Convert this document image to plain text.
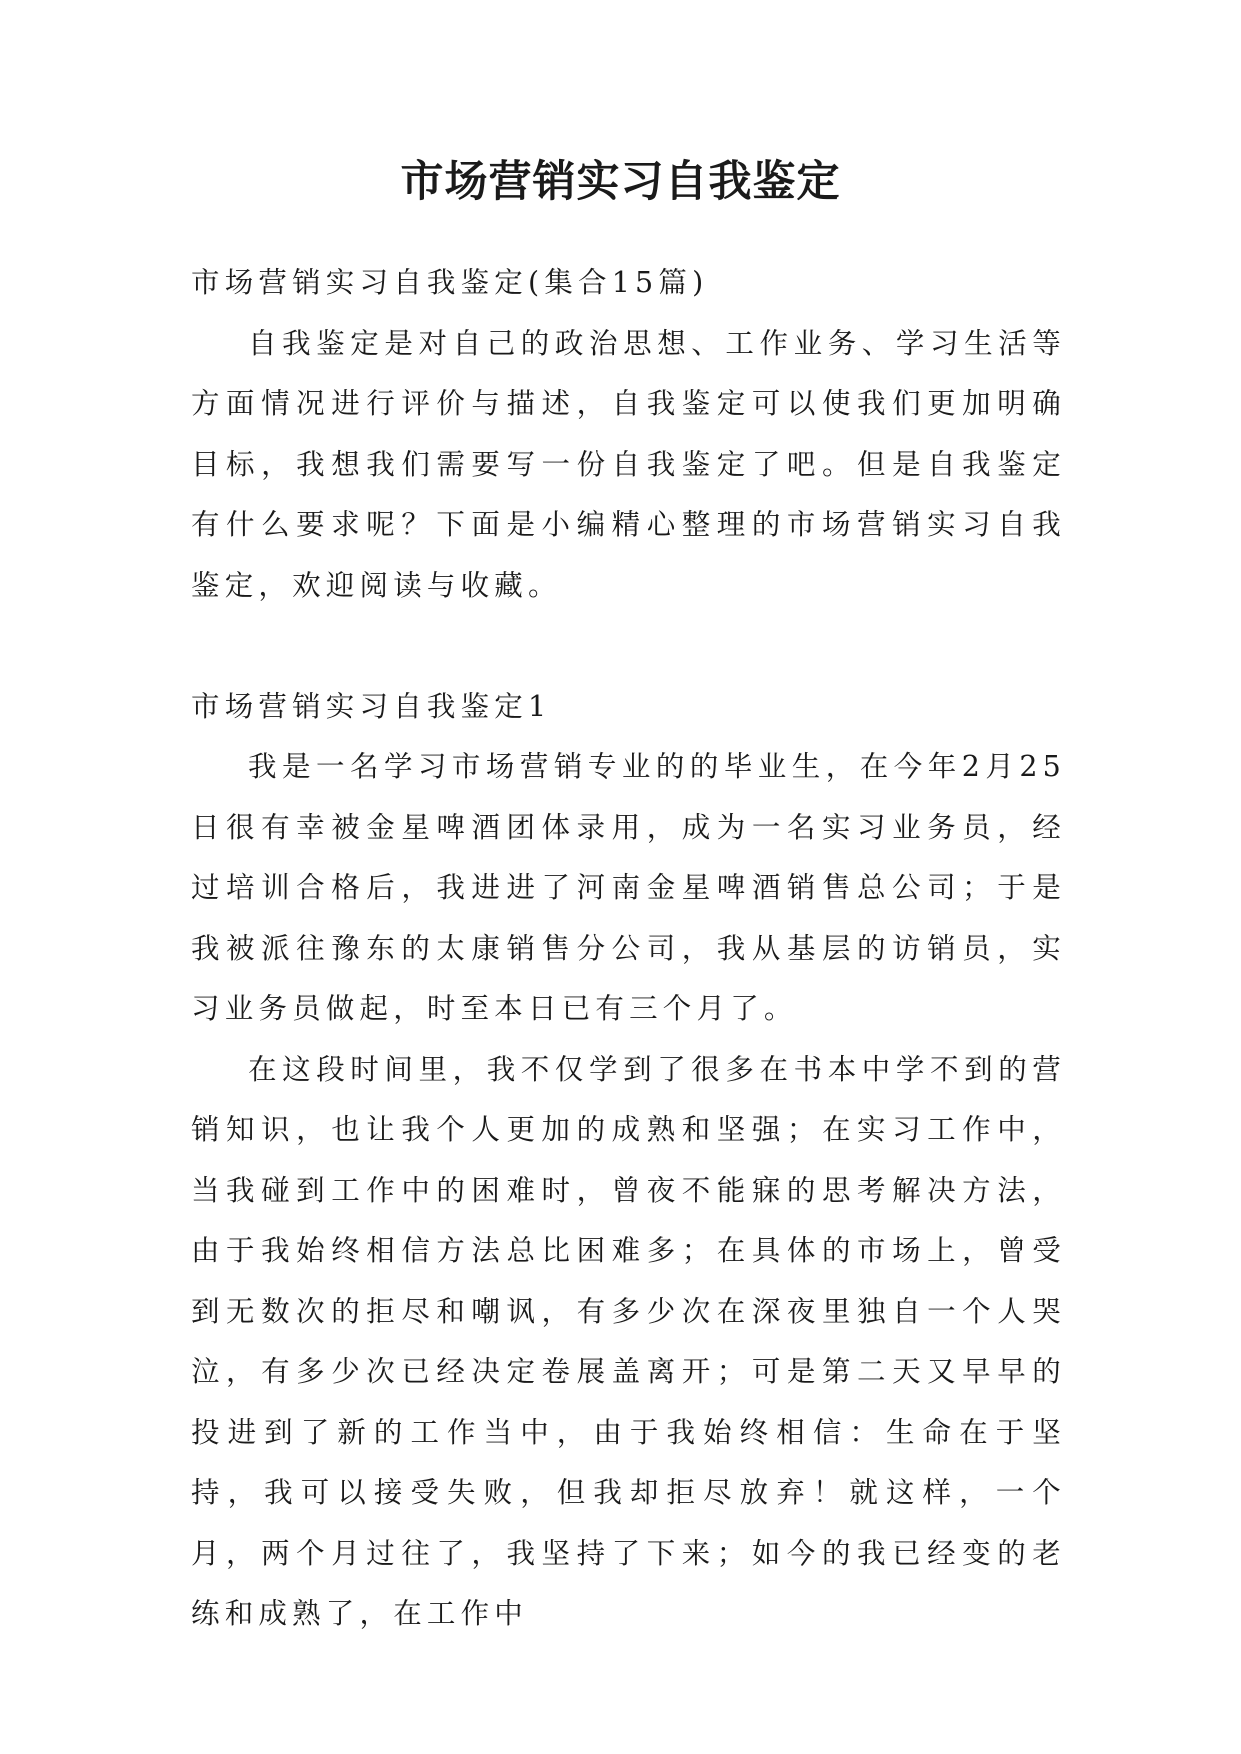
市场营销实习自我鉴定

市场营销实习自我鉴定(集合15篇)

自我鉴定是对自己的政治思想、工作业务、学习生活等方面情况进行评价与描述，自我鉴定可以使我们更加明确目标，我想我们需要写一份自我鉴定了吧。但是自我鉴定有什么要求呢？下面是小编精心整理的市场营销实习自我鉴定，欢迎阅读与收藏。

市场营销实习自我鉴定1

我是一名学习市场营销专业的的毕业生，在今年2月25日很有幸被金星啤酒团体录用，成为一名实习业务员，经过培训合格后，我进进了河南金星啤酒销售总公司；于是我被派往豫东的太康销售分公司，我从基层的访销员，实习业务员做起，时至本日已有三个月了。

在这段时间里，我不仅学到了很多在书本中学不到的营销知识，也让我个人更加的成熟和坚强；在实习工作中，当我碰到工作中的困难时，曾夜不能寐的思考解决方法，由于我始终相信方法总比困难多；在具体的市场上，曾受到无数次的拒尽和嘲讽，有多少次在深夜里独自一个人哭泣，有多少次已经决定卷展盖离开；可是第二天又早早的投进到了新的工作当中，由于我始终相信：生命在于坚持，我可以接受失败，但我却拒尽放弃！就这样，一个月，两个月过往了，我坚持了下来；如今的我已经变的老练和成熟了，在工作中
